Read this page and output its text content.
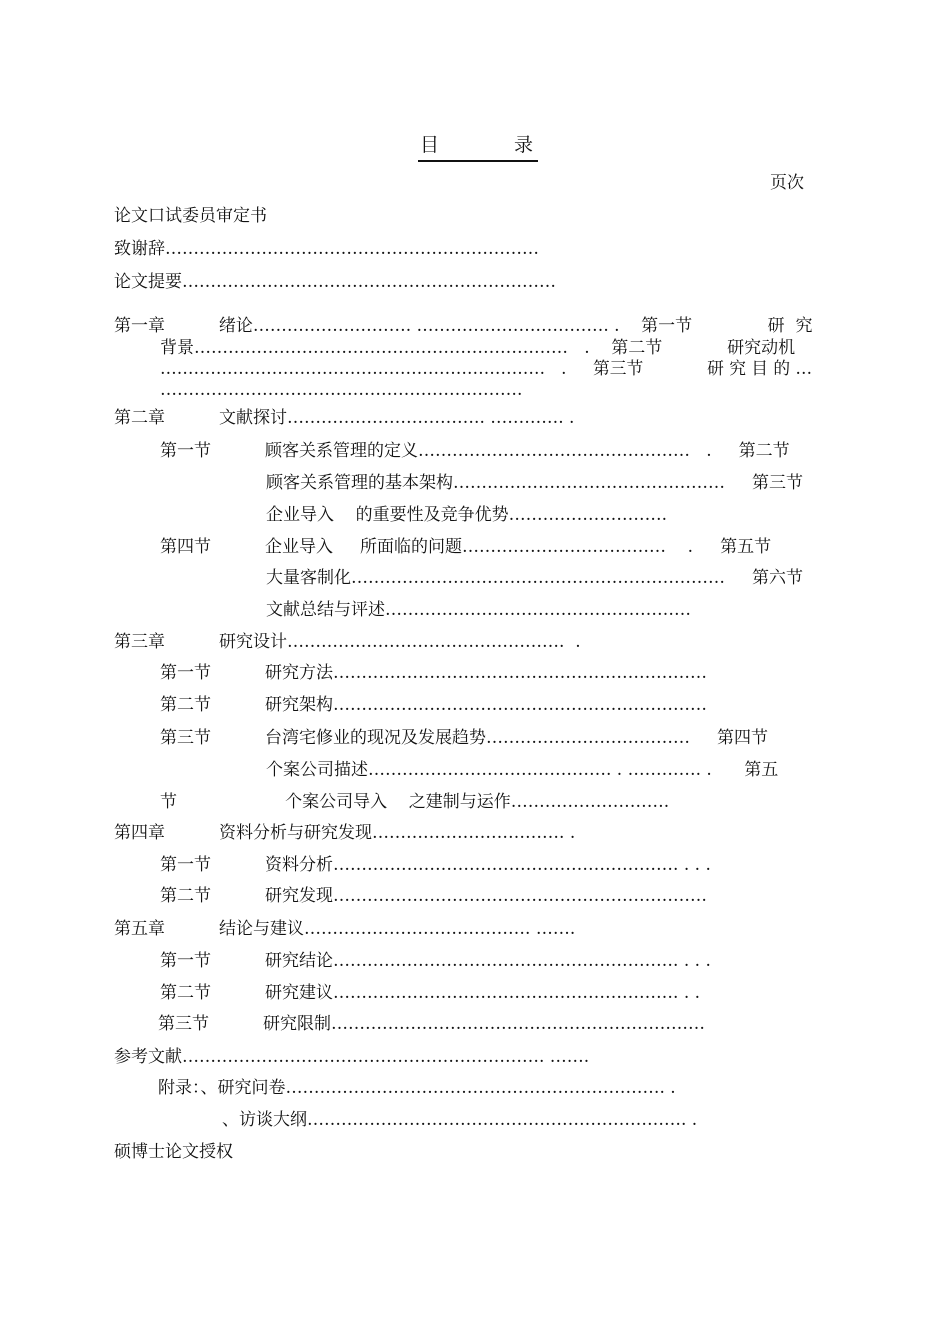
目	录
页次
论文口试委员审定书
致谢辞…………………………………………………………
论文提要…………………………………………………………
第一章          绪论………………………. ……………………………. .    第一节              研  究
背景…………………………………………………………   .    第二节            研究动机
……………………………………………………………   .     第三节            研 究 目 的 …
……………………………………………………….
第二章          文献探讨…………………………….. …………. .
第一节          顾客关系管理的定义…………………………………………   .     第二节
顾客关系管理的基本架构…………………………………………     第三节
企业导入    的重要性及竞争优势……………………….
第四节          企业导入     所面临的问题………………………………    .     第五节
大量客制化…………………………………………………………     第六节
文献总结与评述………………………………………………
第三章          研究设计………………………………………….  .
第一节          研究方法…………………………………………………………
第二节          研究架构…………………………………………………………
第三节          台湾宅修业的现况及发展趋势………………………………     第四节
个案公司描述……………………………………. . …………. .      第五
节                    个案公司导入    之建制与运作……………………….
第四章          资料分析与研究发现……………………………. .
第一节          资料分析……………………………………………………. . . .
第二节          研究发现…………………………………………………………
第五章          结论与建议…………………………………. …….
第一节          研究结论……………………………………………………. . . .
第二节          研究建议……………………………………………………. . .
第三节          研究限制…………………………………………………………
参考文献………………………………………………………. …….
附录：、研究问卷…………………………………………………………. .
、访谈大纲…………………………………………………………. .
硕博士论文授权
